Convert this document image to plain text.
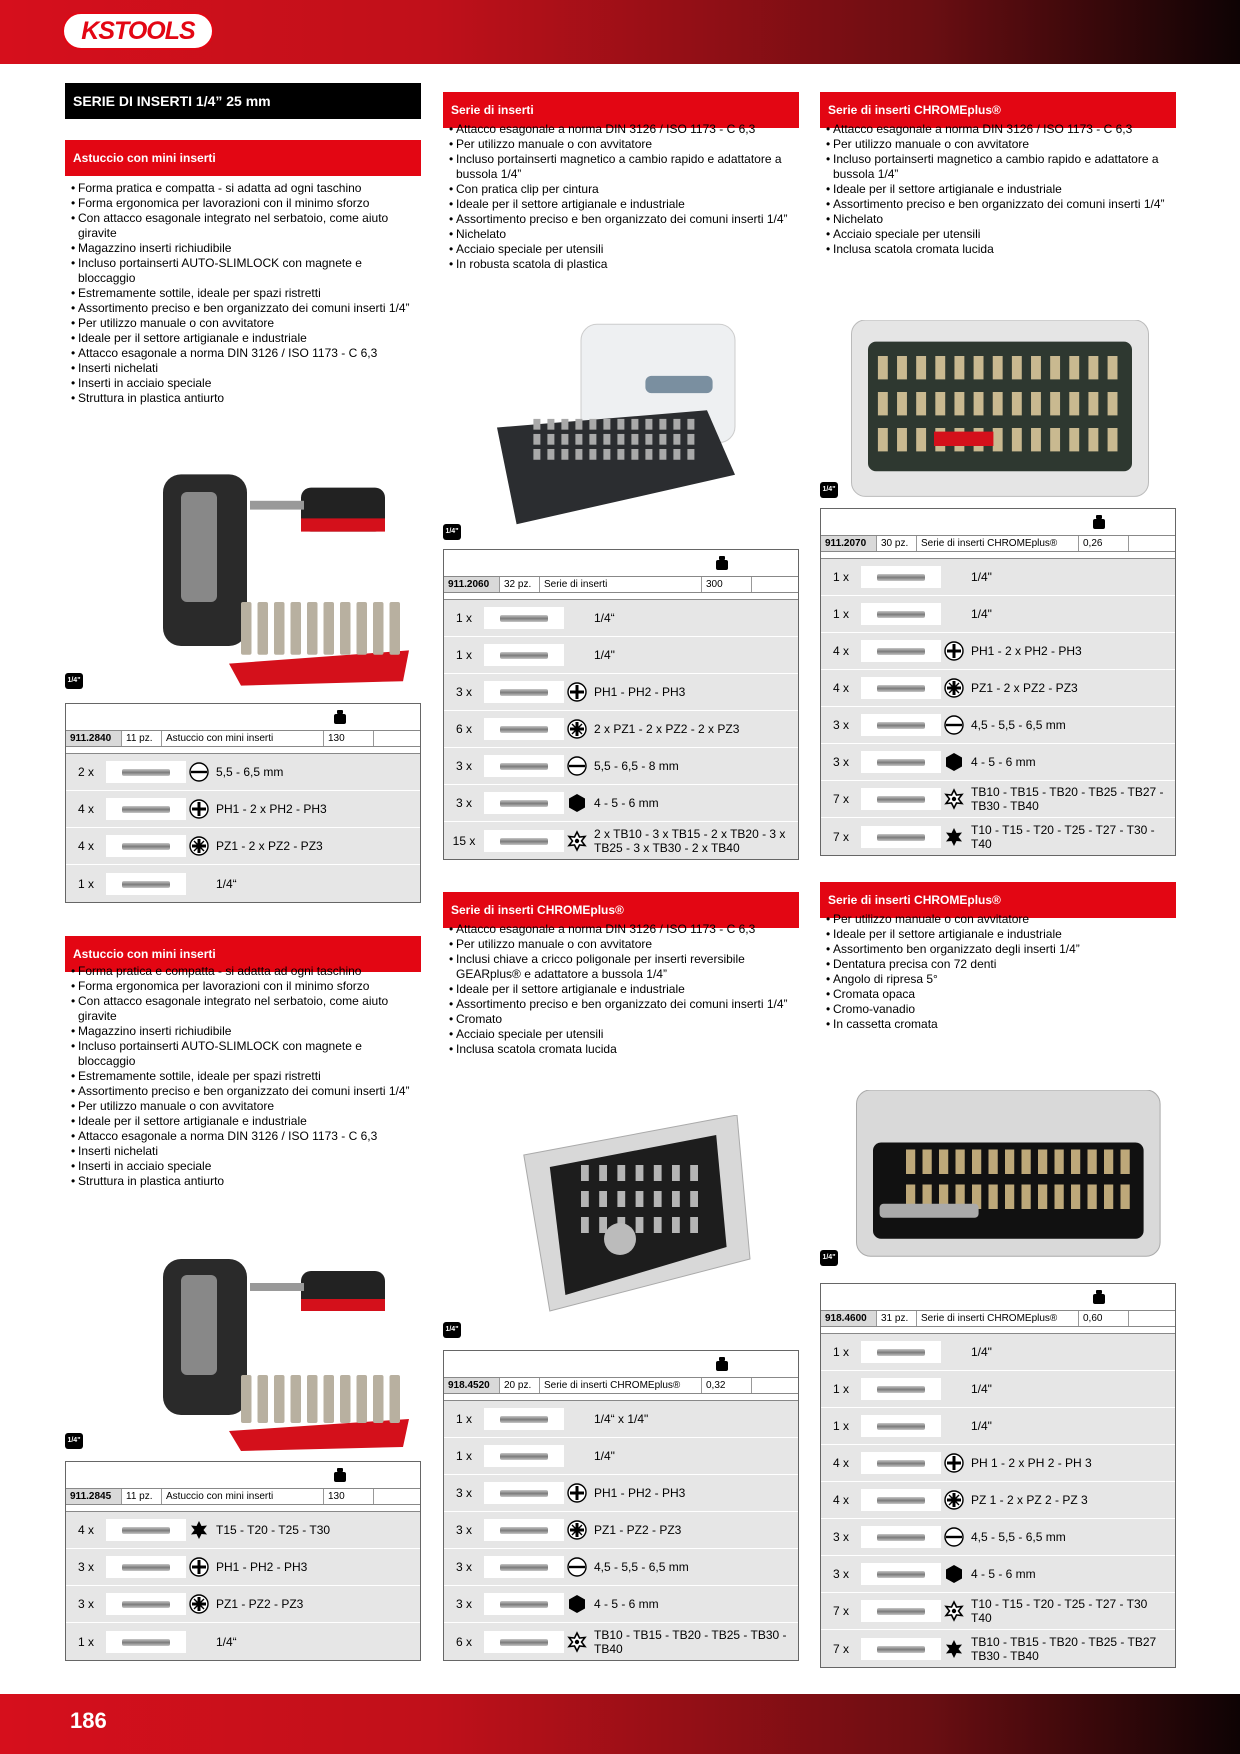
KSTOOLS
SERIE DI INSERTI 1/4” 25 mm
Astuccio con mini inserti
• Forma pratica e compatta - si adatta ad ogni taschino
• Forma ergonomica per lavorazioni con il minimo sforzo
• Con attacco esagonale integrato nel serbatoio, come aiuto giravite
• Magazzino inserti richiudibile
• Incluso portainserti AUTO-SLIMLOCK con magnete e bloccaggio
• Estremamente sottile, ideale per spazi ristretti
• Assortimento preciso e ben organizzato dei comuni inserti 1/4”
• Per utilizzo manuale o con avvitatore
• Ideale per il settore artigianale e industriale
• Attacco esagonale a norma DIN 3126 / ISO 1173 - C 6,3
• Inserti nichelati
• Inserti in acciaio speciale
• Struttura in plastica antiurto
1/4"
911.2840	11 pz.	Astuccio con mini inserti	130
2 x	5,5 - 6,5 mm
4 x	PH1 - 2 x PH2 - PH3
4 x	PZ1 - 2 x PZ2 - PZ3
1 x	1/4“
Astuccio con mini inserti
• Forma pratica e compatta - si adatta ad ogni taschino
• Forma ergonomica per lavorazioni con il minimo sforzo
• Con attacco esagonale integrato nel serbatoio, come aiuto giravite
• Magazzino inserti richiudibile
• Incluso portainserti AUTO-SLIMLOCK con magnete e bloccaggio
• Estremamente sottile, ideale per spazi ristretti
• Assortimento preciso e ben organizzato dei comuni inserti 1/4”
• Per utilizzo manuale o con avvitatore
• Ideale per il settore artigianale e industriale
• Attacco esagonale a norma DIN 3126 / ISO 1173 - C 6,3
• Inserti nichelati
• Inserti in acciaio speciale
• Struttura in plastica antiurto
1/4"
911.2845	11 pz.	Astuccio con mini inserti	130
4 x	T15 - T20 - T25 - T30
3 x	PH1 - PH2 - PH3
3 x	PZ1 - PZ2 - PZ3
1 x	1/4“
Serie di inserti
• Attacco esagonale a norma DIN 3126 / ISO 1173 - C 6,3
• Per utilizzo manuale o con avvitatore
• Incluso portainserti magnetico a cambio rapido e adattatore a bussola 1/4”
• Con pratica clip per cintura
• Ideale per il settore artigianale e industriale
• Assortimento preciso e ben organizzato dei comuni inserti 1/4”
• Nichelato
• Acciaio speciale per utensili
• In robusta scatola di plastica
1/4"
911.2060	32 pz.	Serie di inserti	300
1 x	1/4“
1 x	1/4"
3 x	PH1 - PH2 - PH3
6 x	2 x PZ1 - 2 x PZ2 - 2 x PZ3
3 x	5,5 - 6,5 - 8 mm
3 x	4 - 5 - 6 mm
15 x	2 x TB10 - 3 x TB15 - 2 x TB20 - 3 x TB25 - 3 x TB30 - 2 x TB40
Serie di inserti CHROMEplus®
• Attacco esagonale a norma DIN 3126 / ISO 1173 - C 6,3
• Per utilizzo manuale o con avvitatore
• Inclusi chiave a cricco poligonale per inserti reversibile GEARplus® e adattatore a bussola 1/4”
• Ideale per il settore artigianale e industriale
• Assortimento preciso e ben organizzato dei comuni inserti 1/4”
• Cromato
• Acciaio speciale per utensili
• Inclusa scatola cromata lucida
1/4"
918.4520	20 pz.	Serie di inserti CHROMEplus®	0,32
1 x	1/4“ x 1/4"
1 x	1/4"
3 x	PH1 - PH2 - PH3
3 x	PZ1 - PZ2 - PZ3
3 x	4,5 - 5,5 - 6,5 mm
3 x	4 - 5 - 6 mm
6 x	TB10 - TB15 - TB20 - TB25 - TB30 - TB40
Serie di inserti CHROMEplus®
• Attacco esagonale a norma DIN 3126 / ISO 1173 - C 6,3
• Per utilizzo manuale o con avvitatore
• Incluso portainserti magnetico a cambio rapido e adattatore a bussola 1/4”
• Ideale per il settore artigianale e industriale
• Assortimento preciso e ben organizzato dei comuni inserti 1/4”
• Nichelato
• Acciaio speciale per utensili
• Inclusa scatola cromata lucida
1/4"
911.2070	30 pz.	Serie di inserti CHROMEplus®	0,26
1 x	1/4"
1 x	1/4"
4 x	PH1 - 2 x PH2 - PH3
4 x	PZ1 - 2 x PZ2 - PZ3
3 x	4,5 - 5,5 - 6,5 mm
3 x	4 - 5 - 6 mm
7 x	TB10 - TB15 - TB20 - TB25 - TB27 - TB30 - TB40
7 x	T10 - T15 - T20 - T25 - T27 - T30 - T40
Serie di inserti CHROMEplus®
• Per utilizzo manuale o con avvitatore
• Ideale per il settore artigianale e industriale
• Assortimento ben organizzato degli inserti 1/4”
• Dentatura precisa con 72 denti
• Angolo di ripresa 5°
• Cromata opaca
• Cromo-vanadio
• In cassetta cromata
1/4"
918.4600	31 pz.	Serie di inserti CHROMEplus®	0,60
1 x	1/4"
1 x	1/4"
1 x	1/4"
4 x	PH 1 - 2 x PH 2 - PH 3
4 x	PZ 1 - 2 x PZ 2 - PZ 3
3 x	4,5 - 5,5 - 6,5 mm
3 x	4 - 5 - 6 mm
7 x	T10 - T15 - T20 - T25 - T27 - T30 T40
7 x	TB10 - TB15 - TB20 - TB25 - TB27 TB30 - TB40
186
